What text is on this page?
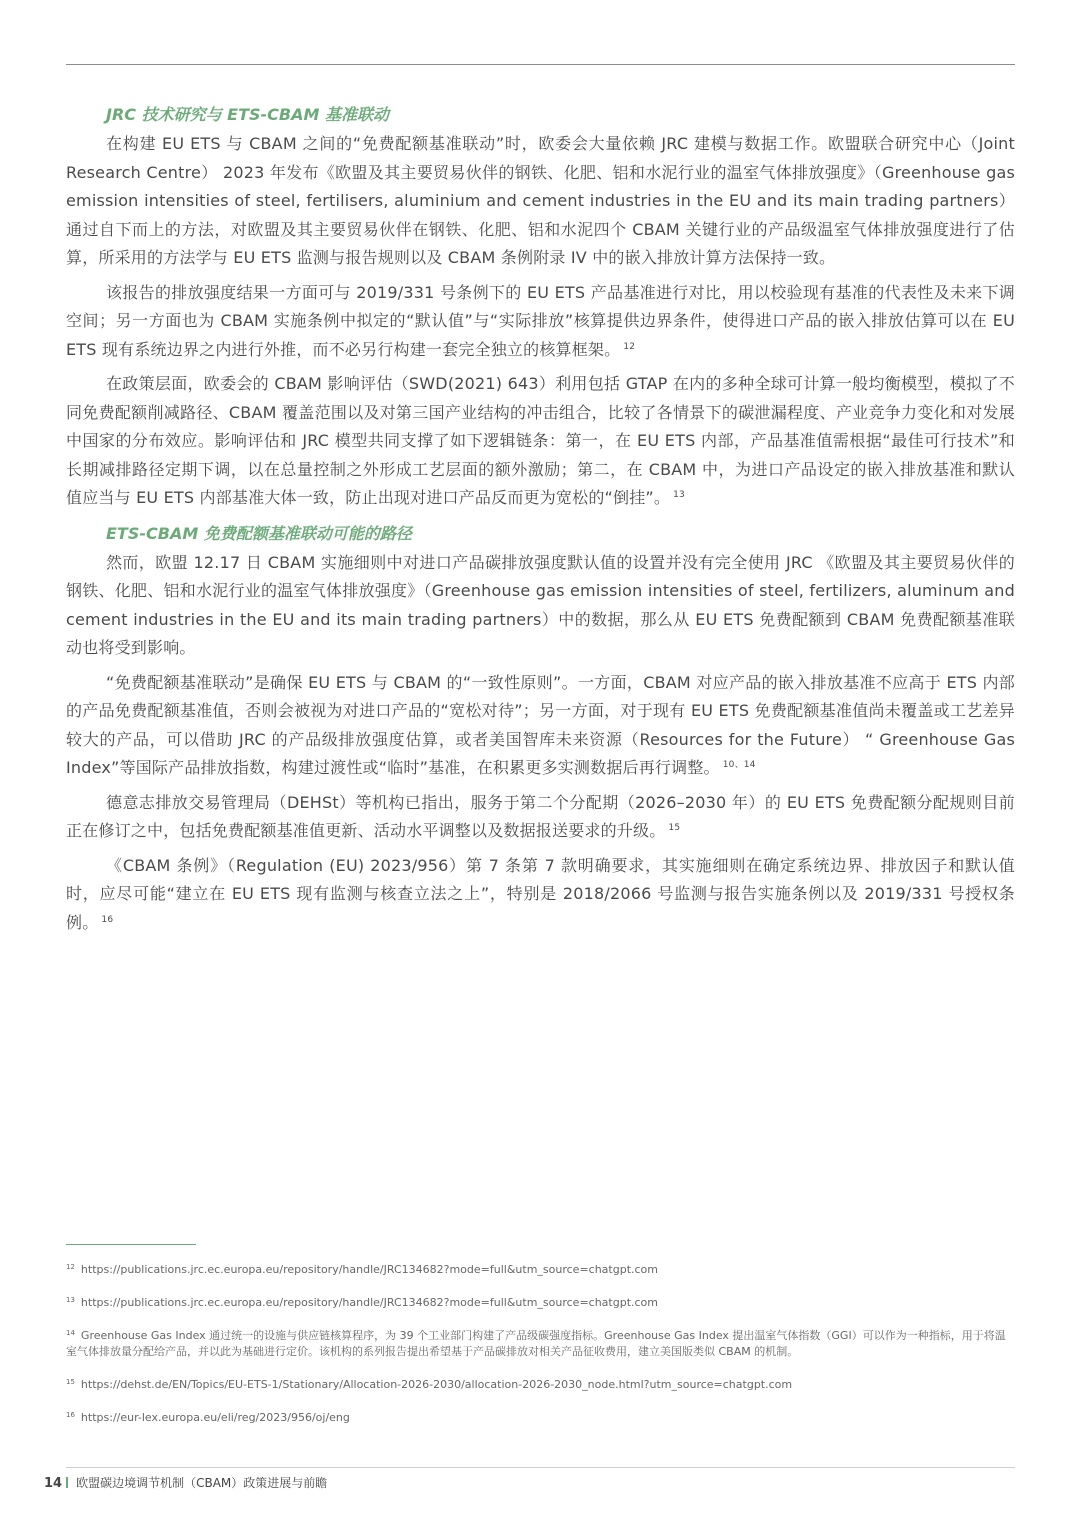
JRC 技术研究与 ETS-CBAM 基准联动

在构建 EU ETS 与 CBAM 之间的“免费配额基准联动”时，欧委会大量依赖 JRC 建模与数据工作。欧盟联合研究中心（Joint Research Centre） 2023 年发布《欧盟及其主要贸易伙伴的钢铁、化肥、铝和水泥行业的温室气体排放强度》（Greenhouse gas emission intensities of steel, fertilisers, aluminium and cement industries in the EU and its main trading partners）通过自下而上的方法，对欧盟及其主要贸易伙伴在钢铁、化肥、铝和水泥四个 CBAM 关键行业的产品级温室气体排放强度进行了估算，所采用的方法学与 EU ETS 监测与报告规则以及 CBAM 条例附录 IV 中的嵌入排放计算方法保持一致。

该报告的排放强度结果一方面可与 2019/331 号条例下的 EU ETS 产品基准进行对比，用以校验现有基准的代表性及未来下调空间；另一方面也为 CBAM 实施条例中拟定的“默认值”与“实际排放”核算提供边界条件，使得进口产品的嵌入排放估算可以在 EU ETS 现有系统边界之内进行外推，而不必另行构建一套完全独立的核算框架。 $^{12}$

在政策层面，欧委会的 CBAM 影响评估（SWD(2021) 643）利用包括 GTAP 在内的多种全球可计算一般均衡模型，模拟了不同免费配额削减路径、CBAM 覆盖范围以及对第三国产业结构的冲击组合，比较了各情景下的碳泄漏程度、产业竞争力变化和对发展中国家的分布效应。影响评估和 JRC 模型共同支撑了如下逻辑链条：第一，在 EU ETS 内部，产品基准值需根据“最佳可行技术”和长期减排路径定期下调，以在总量控制之外形成工艺层面的额外激励；第二，在 CBAM 中，为进口产品设定的嵌入排放基准和默认值应当与 EU ETS 内部基准大体一致，防止出现对进口产品反而更为宽松的“倒挂”。 $^{13}$

ETS-CBAM 免费配额基准联动可能的路径

然而，欧盟 12.17 日 CBAM 实施细则中对进口产品碳排放强度默认值的设置并没有完全使用 JRC 《欧盟及其主要贸易伙伴的钢铁、化肥、铝和水泥行业的温室气体排放强度》（Greenhouse gas emission intensities of steel, fertilizers, aluminum and cement industries in the EU and its main trading partners）中的数据，那么从 EU ETS 免费配额到 CBAM 免费配额基准联动也将受到影响。

“免费配额基准联动”是确保 EU ETS 与 CBAM 的“一致性原则”。一方面，CBAM 对应产品的嵌入排放基准不应高于 ETS 内部的产品免费配额基准值，否则会被视为对进口产品的“宽松对待”；另一方面，对于现有 EU ETS 免费配额基准值尚未覆盖或工艺差异较大的产品，可以借助 JRC 的产品级排放强度估算，或者美国智库未来资源（Resources for the Future） “ Greenhouse Gas Index”等国际产品排放指数，构建过渡性或“临时”基准，在积累更多实测数据后再行调整。 $^{10、14}$

德意志排放交易管理局（DEHSt）等机构已指出，服务于第二个分配期（2026–2030 年）的 EU ETS 免费配额分配规则目前正在修订之中，包括免费配额基准值更新、活动水平调整以及数据报送要求的升级。 $^{15}$

《CBAM 条例》（Regulation (EU) 2023/956）第 7 条第 7 款明确要求，其实施细则在确定系统边界、排放因子和默认值时，应尽可能“建立在 EU ETS 现有监测与核查立法之上”，特别是 2018/2066 号监测与报告实施条例以及 2019/331 号授权条例。 $^{16}$

$^{12}$ https://publications.jrc.ec.europa.eu/repository/handle/JRC134682?mode=full&utm_source=chatgpt.com
$^{13}$ https://publications.jrc.ec.europa.eu/repository/handle/JRC134682?mode=full&utm_source=chatgpt.com
$^{14}$ Greenhouse Gas Index 通过统一的设施与供应链核算程序，为 39 个工业部门构建了产品级碳强度指标。Greenhouse Gas Index 提出温室气体指数（GGI）可以作为一种指标，用于将温室气体排放量分配给产品，并以此为基础进行定价。该机构的系列报告提出希望基于产品碳排放对相关产品征收费用，建立美国版类似 CBAM 的机制。
$^{15}$ https://dehst.de/EN/Topics/EU-ETS-1/Stationary/Allocation-2026-2030/allocation-2026-2030_node.html?utm_source=chatgpt.com
$^{16}$ https://eur-lex.europa.eu/eli/reg/2023/956/oj/eng
14 欧盟碳边境调节机制（CBAM）政策进展与前瞻
